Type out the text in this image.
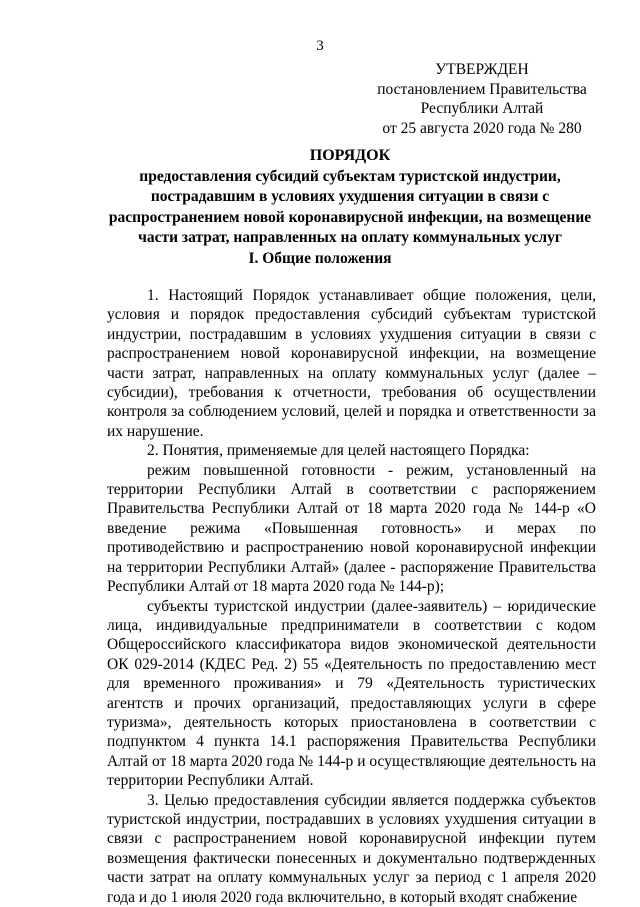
3
УТВЕРЖДЕН
постановлением Правительства
Республики Алтай
от 25 августа 2020 года № 280
ПОРЯДОК
предоставления субсидий субъектам туристской индустрии,
пострадавшим в условиях ухудшения ситуации в связи с
распространением новой коронавирусной инфекции, на возмещение
части затрат, направленных на оплату коммунальных услуг
I. Общие положения

1. Настоящий Порядок устанавливает общие положения, цели, условия и порядок предоставления субсидий субъектам туристской индустрии, пострадавшим в условиях ухудшения ситуации в связи с распространением новой коронавирусной инфекции, на возмещение части затрат, направленных на оплату коммунальных услуг (далее – субсидии), требования к отчетности, требования об осуществлении контроля за соблюдением условий, целей и порядка и ответственности за их нарушение.

2. Понятия, применяемые для целей настоящего Порядка:

режим повышенной готовности - режим, установленный на территории Республики Алтай в соответствии с распоряжением Правительства Республики Алтай от 18 марта 2020 года № 144-р «О введение режима «Повышенная готовность» и мерах по противодействию и распространению новой коронавирусной инфекции на территории Республики Алтай» (далее - распоряжение Правительства Республики Алтай от 18 марта 2020 года № 144-р);

субъекты туристской индустрии (далее-заявитель) – юридические лица, индивидуальные предприниматели в соответствии с кодом Общероссийского классификатора видов экономической деятельности ОК 029-2014 (КДЕС Ред. 2) 55 «Деятельность по предоставлению мест для временного проживания» и 79 «Деятельность туристических агентств и прочих организаций, предоставляющих услуги в сфере туризма», деятельность которых приостановлена в соответствии с подпунктом 4 пункта 14.1 распоряжения Правительства Республики Алтай от 18 марта 2020 года № 144-р и осуществляющие деятельность на территории Республики Алтай.

3. Целью предоставления субсидии является поддержка субъектов туристской индустрии, пострадавших в условиях ухудшения ситуации в связи с распространением новой коронавирусной инфекции путем возмещения фактически понесенных и документально подтвержденных части затрат на оплату коммунальных услуг за период с 1 апреля 2020 года и до 1 июля 2020 года включительно, в который входят снабжение
